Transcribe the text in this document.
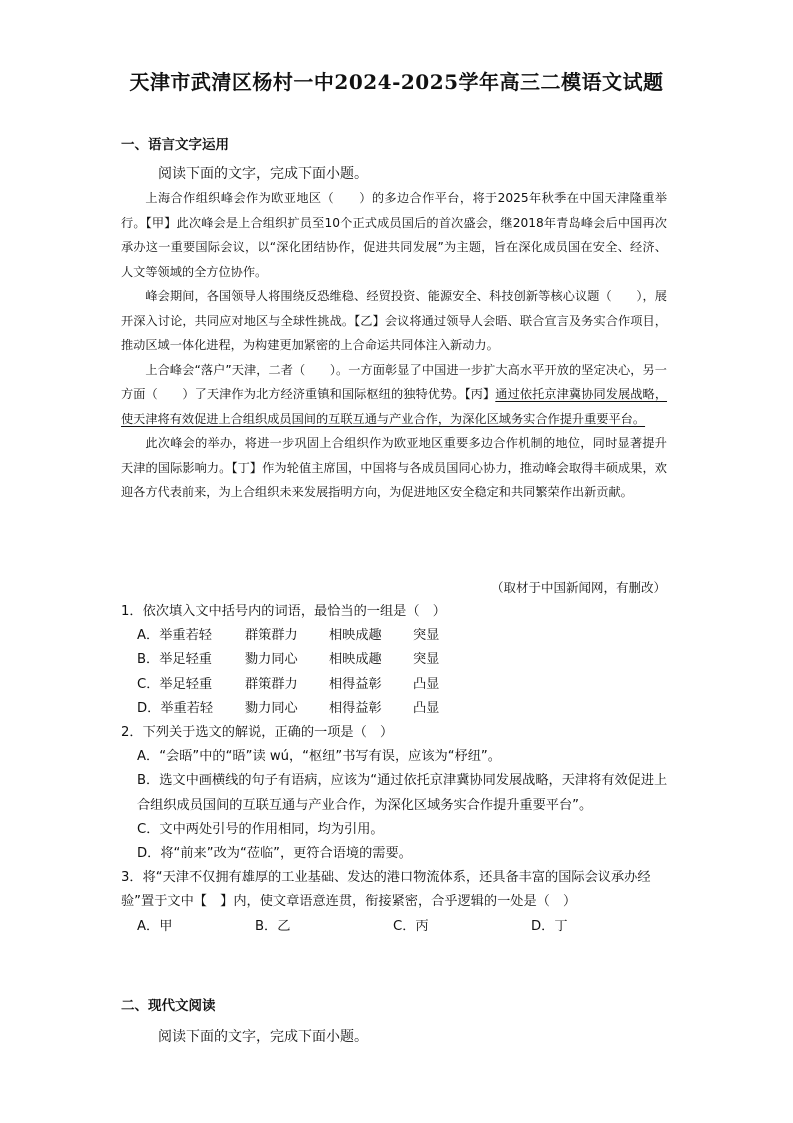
天津市武清区杨村一中2024-2025学年高三二模语文试题
一、语言文字运用
阅读下面的文字，完成下面小题。

上海合作组织峰会作为欧亚地区（　　）的多边合作平台，将于2025年秋季在中国天津隆重举行。【甲】此次峰会是上合组织扩员至10个正式成员国后的首次盛会，继2018年青岛峰会后中国再次承办这一重要国际会议，以“深化团结协作，促进共同发展”为主题，旨在深化成员国在安全、经济、人文等领域的全方位协作。

峰会期间，各国领导人将围绕反恐维稳、经贸投资、能源安全、科技创新等核心议题（　　），展开深入讨论，共同应对地区与全球性挑战。【乙】会议将通过领导人会晤、联合宣言及务实合作项目，推动区域一体化进程，为构建更加紧密的上合命运共同体注入新动力。

上合峰会“落户”天津，二者（　　）。一方面彰显了中国进一步扩大高水平开放的坚定决心，另一方面（　　）了天津作为北方经济重镇和国际枢纽的独特优势。【丙】通过依托京津冀协同发展战略，使天津将有效促进上合组织成员国间的互联互通与产业合作，为深化区域务实合作提升重要平台。

此次峰会的举办，将进一步巩固上合组织作为欧亚地区重要多边合作机制的地位，同时显著提升天津的国际影响力。【丁】作为轮值主席国，中国将与各成员国同心协力，推动峰会取得丰硕成果，欢迎各方代表前来，为上合组织未来发展指明方向，为促进地区安全稳定和共同繁荣作出新贡献。

（取材于中国新闻网，有删改）

1．依次填入文中括号内的词语，最恰当的一组是（　）

A．举重若轻	群策群力	相映成趣	突显
B．举足轻重	勠力同心	相映成趣	突显
C．举足轻重	群策群力	相得益彰	凸显
D．举重若轻	勠力同心	相得益彰	凸显

2．下列关于选文的解说，正确的一项是（　）

A．“会晤”中的“晤”读 wú，“枢纽”书写有误，应该为“杼纽”。

B．选文中画横线的句子有语病，应该为“通过依托京津冀协同发展战略，天津将有效促进上合组织成员国间的互联互通与产业合作，为深化区域务实合作提升重要平台”。

C．文中两处引号的作用相同，均为引用。

D．将“前来”改为“莅临”，更符合语境的需要。

3．将“天津不仅拥有雄厚的工业基础、发达的港口物流体系，还具备丰富的国际会议承办经验”置于文中【　】内，使文章语意连贯，衔接紧密，合乎逻辑的一处是（　）

A．甲	B．乙	C．丙	D．丁
二、现代文阅读
阅读下面的文字，完成下面小题。
